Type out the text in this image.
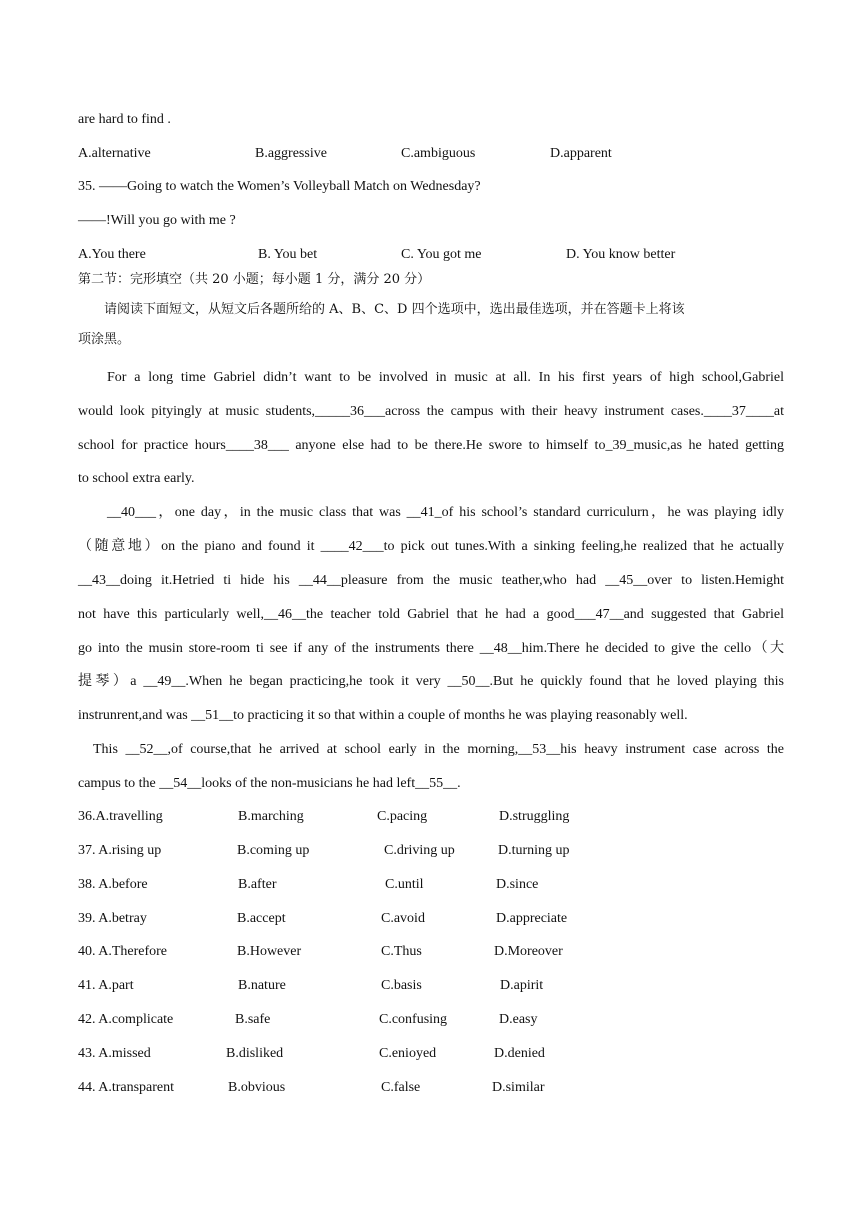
are hard to find .
A.alternative	B.aggressive	C.ambiguous	D.apparent
35. ——Going to watch the Women’s Volleyball Match on Wednesday?
——!Will you go with me ?
A.You there	B. You bet	C. You got me	D. You know better
第二节：完形填空（共 20 小题；每小题 1 分，满分 20 分）
请阅读下面短文，从短文后各题所给的 A、B、C、D 四个选项中，选出最佳选项，并在答题卡上将该
项涂黑。
For a long time Gabriel didn’t want to be involved in music at all. In his first years of high school,Gabriel
would look pityingly at music students,_____36___across the campus with their heavy instrument cases.____37____at
school for practice hours____38___ anyone else had to be there.He swore to himself to_39_music,as he hated getting
to school extra early.
__40___，one day，in the music class that was __41_of his school’s standard curriculurn，he was playing idly
（随意地）on the piano and found it ____42___to pick out tunes.With a sinking feeling,he realized that he actually
__43__doing it.Hetried ti hide his __44__pleasure from the music teather,who had __45__over to listen.Hemight
not have this particularly well,__46__the teacher told Gabriel that he had a good___47__and suggested that Gabriel
go into the musin store-room ti see if any of the instruments there __48__him.There he decided to give the cello（大
提琴）a __49__.When he began practicing,he took it very __50__.But he quickly found that he loved playing this
instrunrent,and was __51__to practicing it so that within a couple of months he was playing reasonably well.
This __52__,of course,that he arrived at school early in the morning,__53__his heavy instrument case across the
campus to the __54__looks of the non-musicians he had left__55__.
36.A.travelling	B.marching	C.pacing	D.struggling
37. A.rising up	B.coming up	C.driving up	D.turning up
38. A.before	B.after	C.until	D.since
39. A.betray	B.accept	C.avoid	D.appreciate
40. A.Therefore	B.However	C.Thus	D.Moreover
41. A.part	B.nature	C.basis	D.apirit
42. A.complicate	B.safe	C.confusing	D.easy
43. A.missed	B.disliked	C.enioyed	D.denied
44. A.transparent	B.obvious	C.false	D.similar
